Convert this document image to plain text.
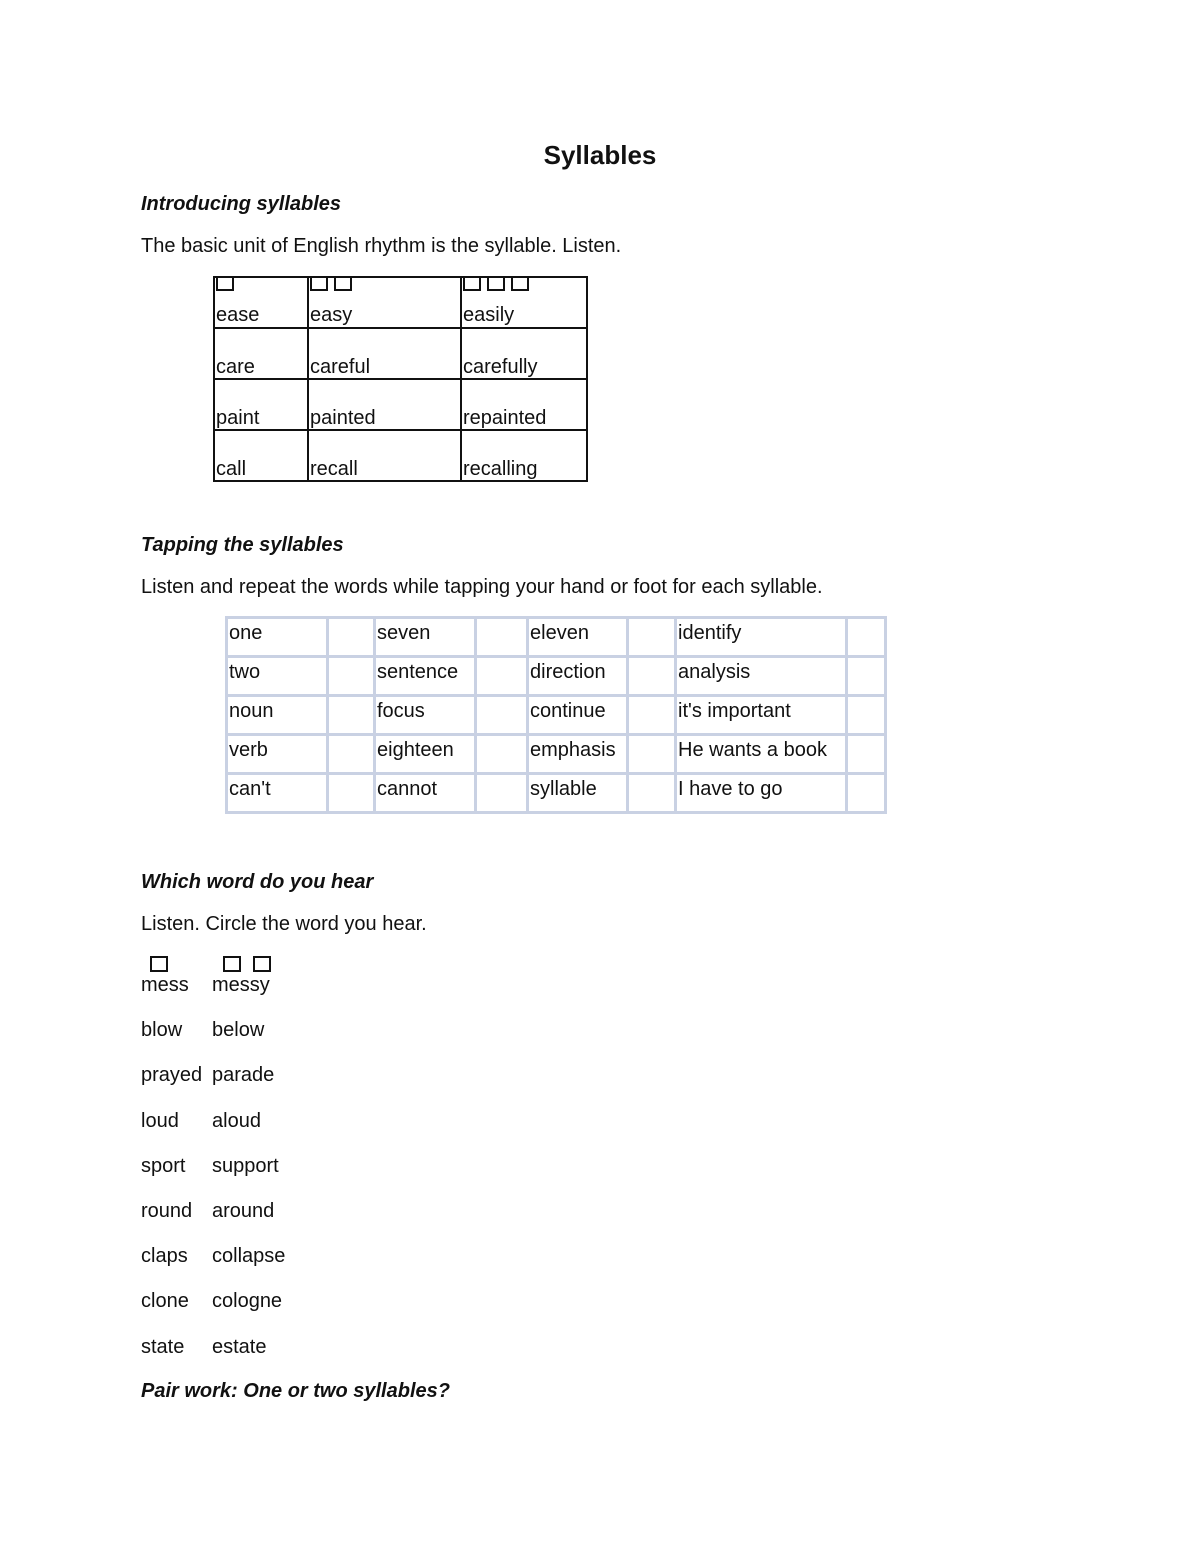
Syllables
Introducing syllables

The basic unit of English rhythm is the syllable. Listen.

ease	easy	easily

care	careful	carefully
paint	painted	repainted
call	recall	recalling
Tapping the syllables

Listen and repeat the words while tapping your hand or foot for each syllable.

one		seven		eleven		identify	
two		sentence		direction		analysis	
noun		focus		continue		it's important	
verb		eighteen		emphasis		He wants a book	
can't		cannot		syllable		I have to go	
Which word do you hear

Listen. Circle the word you hear.

mess messy
blow below
prayed parade
loud aloud
sport support
round around
claps collapse
clone cologne
state estate
Pair work: One or two syllables?
